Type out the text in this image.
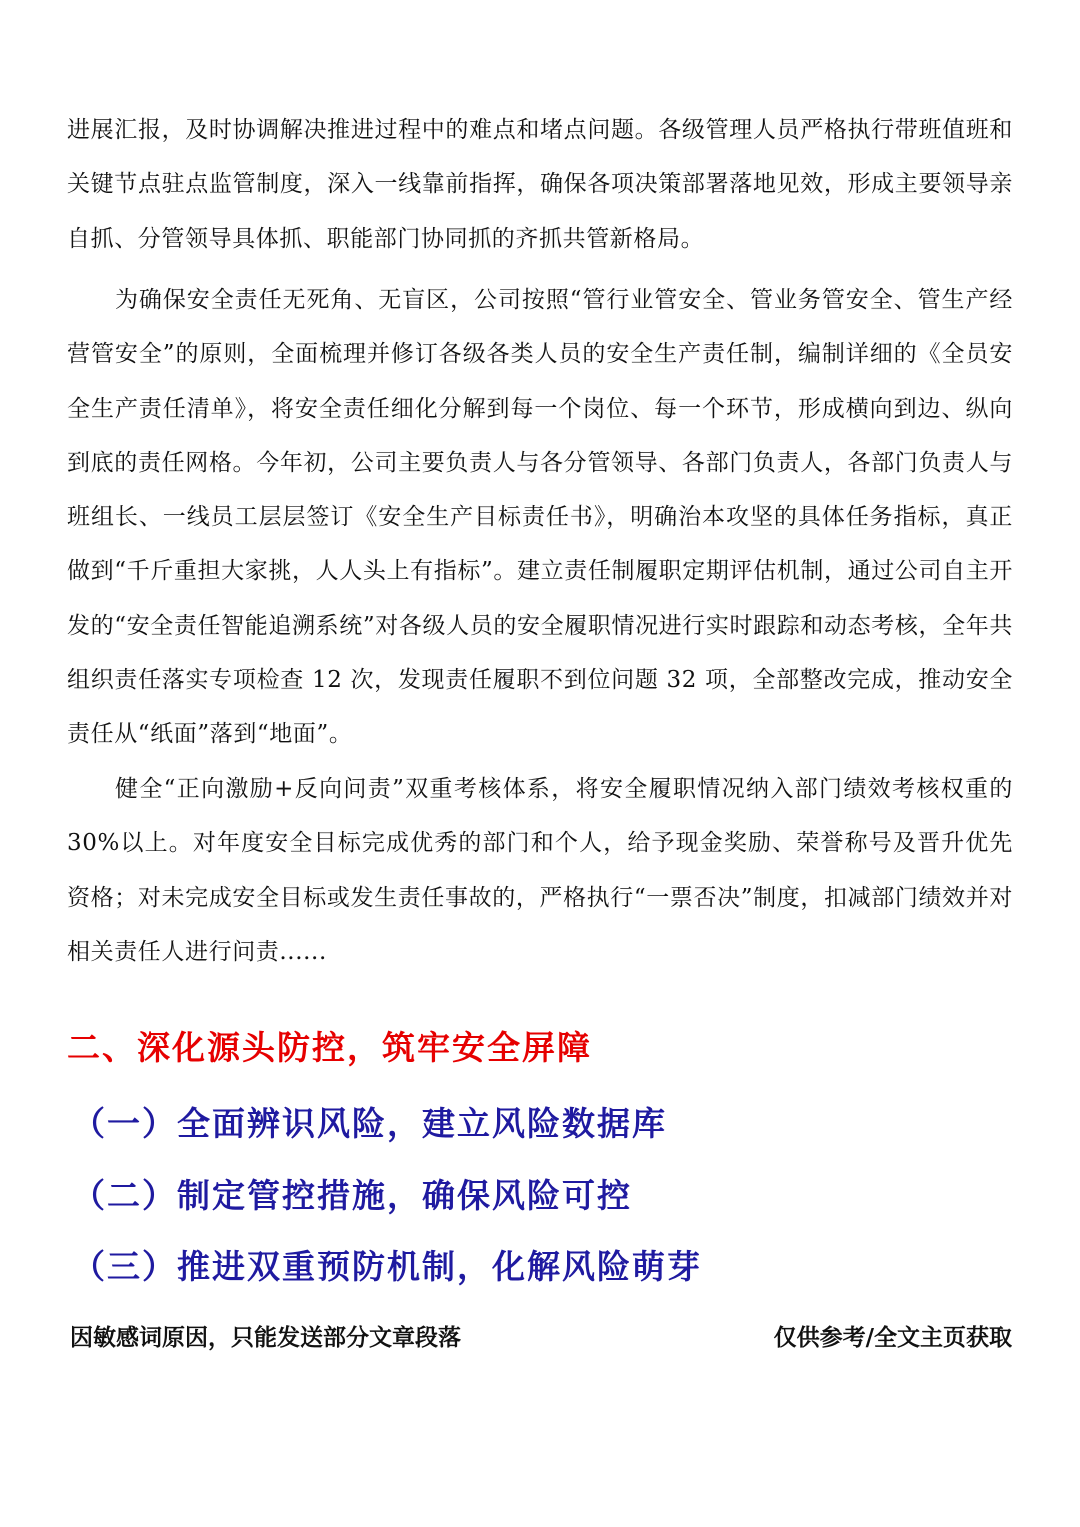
进展汇报，及时协调解决推进过程中的难点和堵点问题。各级管理人员严格执行带班值班和关键节点驻点监管制度，深入一线靠前指挥，确保各项决策部署落地见效，形成主要领导亲自抓、分管领导具体抓、职能部门协同抓的齐抓共管新格局。

为确保安全责任无死角、无盲区，公司按照“管行业管安全、管业务管安全、管生产经营管安全”的原则，全面梳理并修订各级各类人员的安全生产责任制，编制详细的《全员安全生产责任清单》，将安全责任细化分解到每一个岗位、每一个环节，形成横向到边、纵向到底的责任网格。今年初，公司主要负责人与各分管领导、各部门负责人，各部门负责人与班组长、一线员工层层签订《安全生产目标责任书》，明确治本攻坚的具体任务指标，真正做到“千斤重担大家挑，人人头上有指标”。建立责任制履职定期评估机制，通过公司自主开发的“安全责任智能追溯系统”对各级人员的安全履职情况进行实时跟踪和动态考核，全年共组织责任落实专项检查 12 次，发现责任履职不到位问题 32 项，全部整改完成，推动安全责任从“纸面”落到“地面”。

健全“正向激励+反向问责”双重考核体系，将安全履职情况纳入部门绩效考核权重的 30%以上。对年度安全目标完成优秀的部门和个人，给予现金奖励、荣誉称号及晋升优先资格；对未完成安全目标或发生责任事故的，严格执行“一票否决”制度，扣减部门绩效并对相关责任人进行问责......

二、深化源头防控，筑牢安全屏障
（一）全面辨识风险，建立风险数据库
（二）制定管控措施，确保风险可控
（三）推进双重预防机制，化解风险萌芽

因敏感词原因，只能发送部分文章段落	仅供参考/全文主页获取
